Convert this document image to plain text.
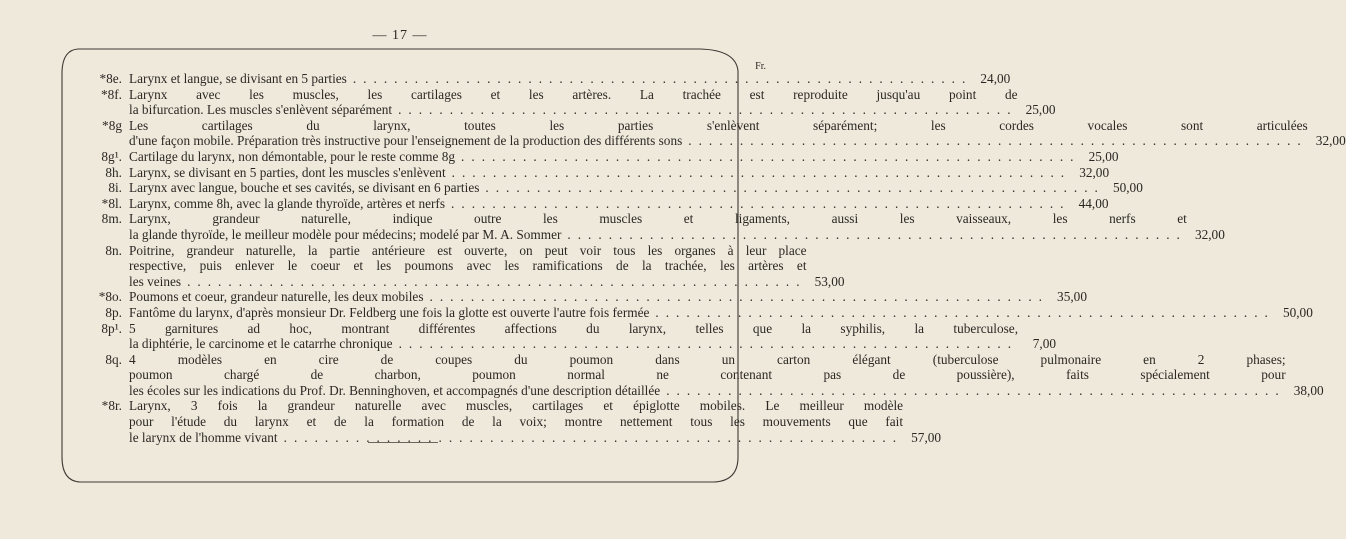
— 17 —
Fr.
*8e. Larynx et langue, se divisant en 5 parties ............................................................ 24,00
*8f. Larynx avec les muscles, les cartilages et les artères. La trachée est reproduite jusqu'au point de
la bifurcation. Les muscles s'enlèvent séparément ............................................................ 25,00
*8g Les cartilages du larynx, toutes les parties s'enlèvent séparément; les cordes vocales sont articulées
d'une façon mobile. Préparation très instructive pour l'enseignement de la production des différents sons ............................................................ 32,00
8g¹. Cartilage du larynx, non démontable, pour le reste comme 8g ............................................................ 25,00
8h. Larynx, se divisant en 5 parties, dont les muscles s'enlèvent ............................................................ 32,00
8i. Larynx avec langue, bouche et ses cavités, se divisant en 6 parties ............................................................ 50,00
*8l. Larynx, comme 8h, avec la glande thyroïde, artères et nerfs ............................................................ 44,00
8m. Larynx, grandeur naturelle, indique outre les muscles et ligaments, aussi les vaisseaux, les nerfs et
la glande thyroïde, le meilleur modèle pour médecins; modelé par M. A. Sommer ............................................................ 32,00
8n. Poitrine, grandeur naturelle, la partie antérieure est ouverte, on peut voir tous les organes à leur place
respective, puis enlever le coeur et les poumons avec les ramifications de la trachée, les artères et
les veines ............................................................ 53,00
*8o. Poumons et coeur, grandeur naturelle, les deux mobiles ............................................................ 35,00
8p. Fantôme du larynx, d'après monsieur Dr. Feldberg une fois la glotte est ouverte l'autre fois fermée ............................................................ 50,00
8p¹. 5 garnitures ad hoc, montrant différentes affections du larynx, telles que la syphilis, la tuberculose,
la diphtérie, le carcinome et le catarrhe chronique ............................................................	7,00
8q. 4 modèles en cire de coupes du poumon dans un carton élégant (tuberculose pulmonaire en 2 phases;
poumon chargé de charbon, poumon normal ne contenant pas de poussière), faits spécialement pour
les écoles sur les indications du Prof. Dr. Benninghoven, et accompagnés d'une description détaillée ............................................................ 38,00
*8r. Larynx, 3 fois la grandeur naturelle avec muscles, cartilages et épiglotte mobiles. Le meilleur modèle
pour l'étude du larynx et de la formation de la voix; montre nettement tous les mouvements que fait
le larynx de l'homme vivant ............................................................ 57,00
